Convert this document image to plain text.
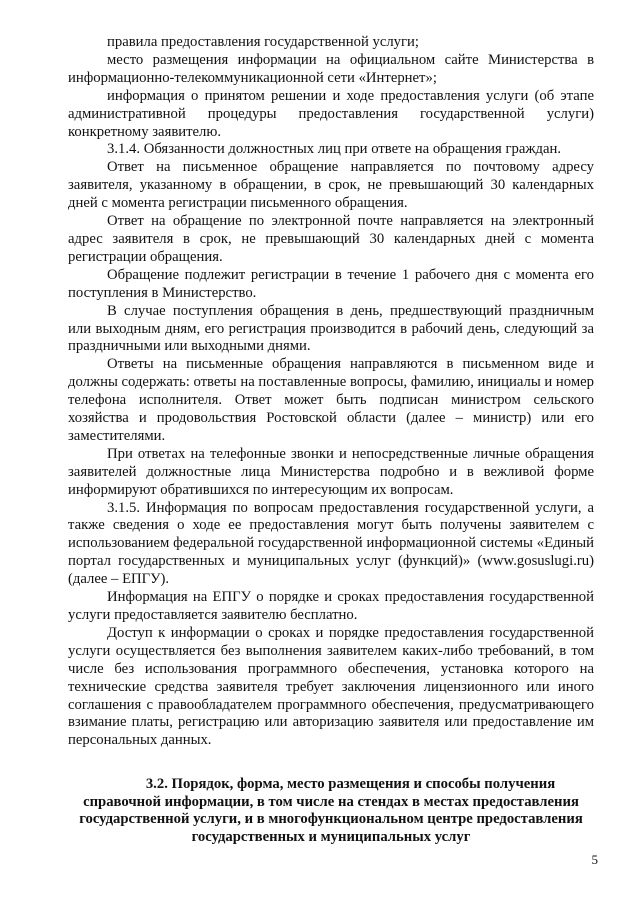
правила предоставления государственной услуги;

место размещения информации на официальном сайте Министерства в информационно-телекоммуникационной сети «Интернет»;

информация о принятом решении и ходе предоставления услуги (об этапе административной процедуры предоставления государственной услуги) конкретному заявителю.

3.1.4. Обязанности должностных лиц при ответе на обращения граждан.

Ответ на письменное обращение направляется по почтовому адресу заявителя, указанному в обращении, в срок, не превышающий 30 календарных дней с момента регистрации письменного обращения.

Ответ на обращение по электронной почте направляется на электронный адрес заявителя в срок, не превышающий 30 календарных дней с момента регистрации обращения.

Обращение подлежит регистрации в течение 1 рабочего дня с момента его поступления в Министерство.

В случае поступления обращения в день, предшествующий праздничным или выходным дням, его регистрация производится в рабочий день, следующий за праздничными или выходными днями.

Ответы на письменные обращения направляются в письменном виде и должны содержать: ответы на поставленные вопросы, фамилию, инициалы и номер телефона исполнителя. Ответ может быть подписан министром сельского хозяйства и продовольствия Ростовской области (далее – министр) или его заместителями.

При ответах на телефонные звонки и непосредственные личные обращения заявителей должностные лица Министерства подробно и в вежливой форме информируют обратившихся по интересующим их вопросам.

3.1.5. Информация по вопросам предоставления государственной услуги, а также сведения о ходе ее предоставления могут быть получены заявителем с использованием федеральной государственной информационной системы «Единый портал государственных и муниципальных услуг (функций)» (www.gosuslugi.ru) (далее – ЕПГУ).

Информация на ЕПГУ о порядке и сроках предоставления государственной услуги предоставляется заявителю бесплатно.

Доступ к информации о сроках и порядке предоставления государственной услуги осуществляется без выполнения заявителем каких-либо требований, в том числе без использования программного обеспечения, установка которого на технические средства заявителя требует заключения лицензионного или иного соглашения с правообладателем программного обеспечения, предусматривающего взимание платы, регистрацию или авторизацию заявителя или предоставление им персональных данных.

3.2. Порядок, форма, место размещения и способы получения
справочной информации, в том числе на стендах в местах предоставления
государственной услуги, и в многофункциональном центре предоставления
государственных и муниципальных услуг
5
